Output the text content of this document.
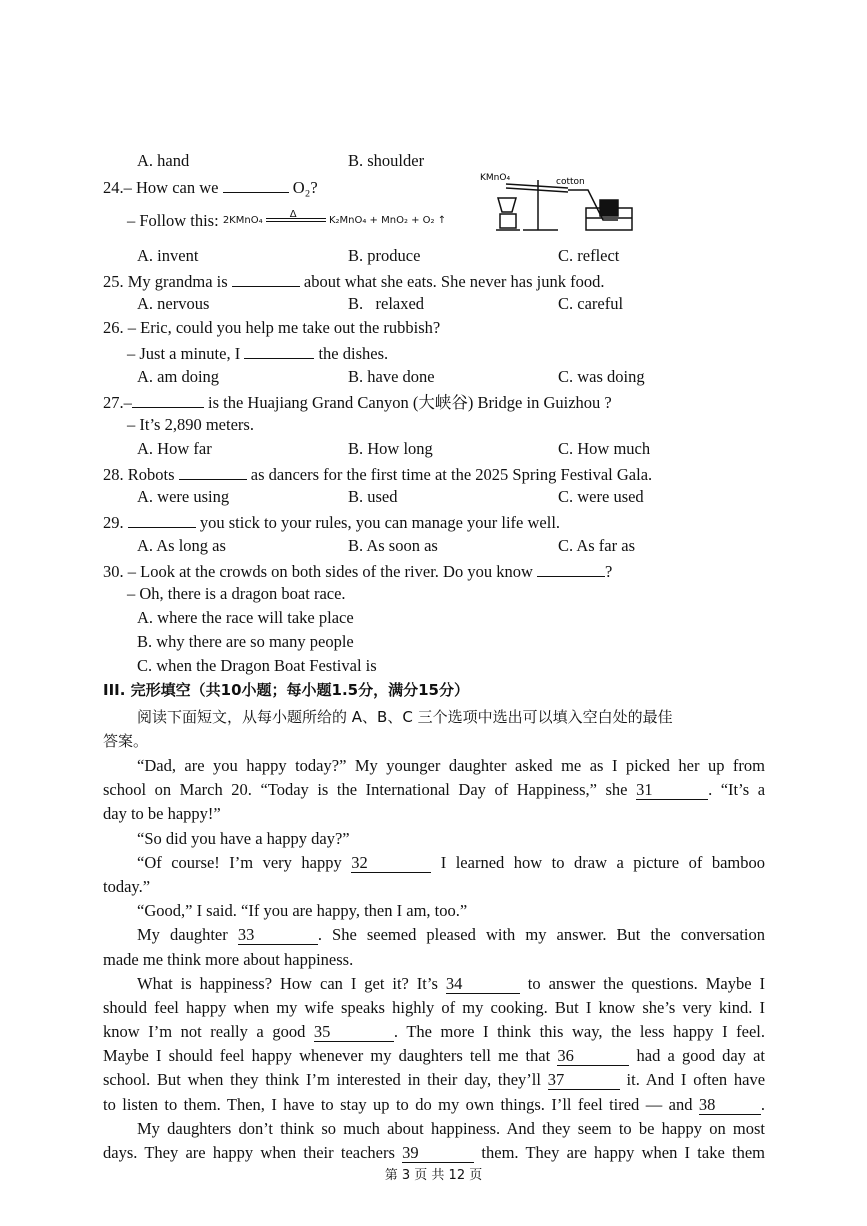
A. hand	B. shoulder
24.– How can we	O₂?
– Follow this: 2KMnO₄
Δ
K₂MnO₄ + MnO₂ + O₂ ↑
KMnO₄	cotton
A. invent	B. produce	C. reflect
25. My grandma is	about what she eats. She never has junk food.
A. nervous	B.   relaxed	C. careful
26. – Eric, could you help me take out the rubbish?
– Just a minute, I	the dishes.
A. am doing	B. have done	C. was doing
27.–	is the Huajiang Grand Canyon (大峡谷) Bridge in Guizhou ?
– It’s 2,890 meters.
A. How far	B. How long	C. How much
28. Robots	as dancers for the first time at the 2025 Spring Festival Gala.
A. were using	B. used	C. were used
29.	you stick to your rules, you can manage your life well.
A. As long as	B. As soon as	C. As far as
30. – Look at the crowds on both sides of the river. Do you know	?
– Oh, there is a dragon boat race.
A. where the race will take place
B. why there are so many people
C. when the Dragon Boat Festival is
III. 完形填空（共10小题；每小题1.5分，满分15分）
阅读下面短文，从每小题所给的 A、B、C 三个选项中选出可以填入空白处的最佳
答案。
“Dad, are you happy today?” My younger daughter asked me as I picked her up from
school on March 20. “Today is the International Day of Happiness,” she 31	. “It’s a
day to be happy!”
“So did you have a happy day?”
“Of course! I’m very happy 32	I learned how to draw a picture of bamboo
today.”
“Good,” I said. “If you are happy, then I am, too.”
My daughter 33	. She seemed pleased with my answer. But the conversation
made me think more about happiness.
What is happiness? How can I get it? It’s 34	to answer the questions. Maybe I
should feel happy when my wife speaks highly of my cooking. But I know she’s very kind. I
know I’m not really a good 35	. The more I think this way, the less happy I feel.
Maybe I should feel happy whenever my daughters tell me that 36	had a good day at
school. But when they think I’m interested in their day, they’ll 37	it. And I often have
to listen to them. Then, I have to stay up to do my own things. I’ll feel tired — and 38	.
My daughters don’t think so much about happiness. And they seem to be happy on most
days. They are happy when their teachers 39	them. They are happy when I take them
第 3 页 共 12 页
